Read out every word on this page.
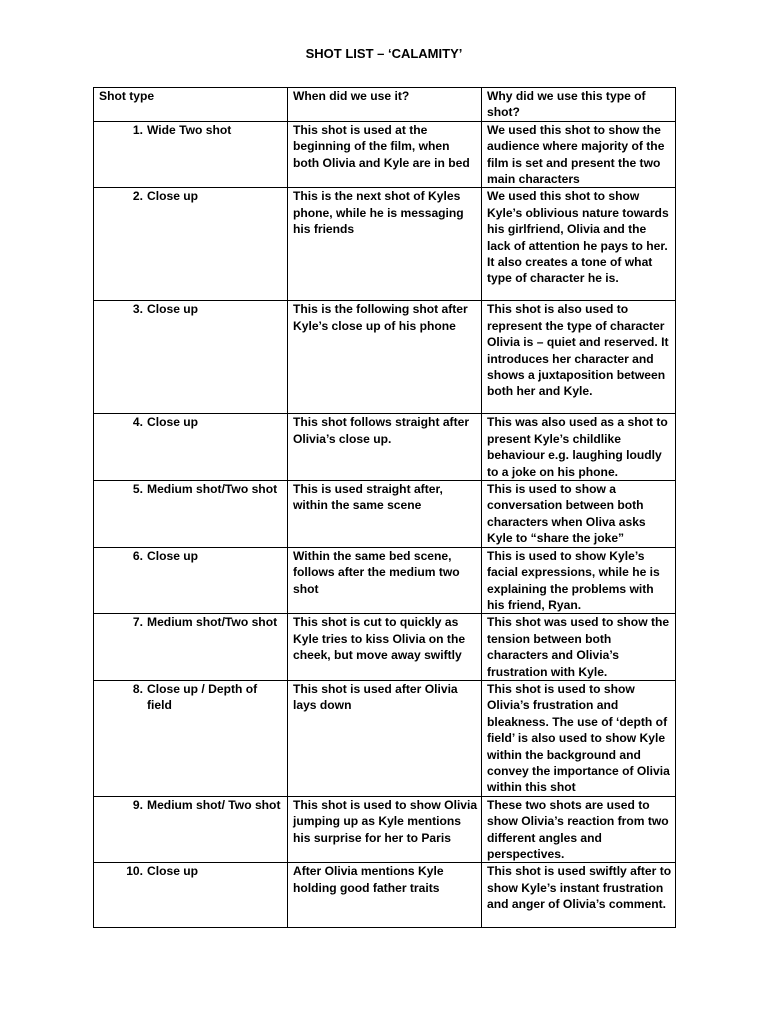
SHOT LIST – ‘CALAMITY’
Shot type	When did we use it?	Why did we use this type of shot?

1. Wide Two shot	This shot is used at the beginning of the film, when both Olivia and Kyle are in bed	We used this shot to show the audience where majority of the film is set and present the two main characters

2. Close up	This is the next shot of Kyles phone, while he is messaging his friends	We used this shot to show Kyle’s oblivious nature towards his girlfriend, Olivia and the lack of attention he pays to her. It also creates a tone of what type of character he is.

3. Close up	This is the following shot after Kyle’s close up of his phone	This shot is also used to represent the type of character Olivia is – quiet and reserved. It introduces her character and shows a juxtaposition between both her and Kyle.

4. Close up	This shot follows straight after Olivia’s close up.	This was also used as a shot to present Kyle’s childlike behaviour e.g. laughing loudly to a joke on his phone.

5. Medium shot/Two shot	This is used straight after, within the same scene	This is used to show a conversation between both characters when Oliva asks Kyle to “share the joke”

6. Close up	Within the same bed scene, follows after the medium two shot	This is used to show Kyle’s facial expressions, while he is explaining the problems with his friend, Ryan.

7. Medium shot/Two shot	This shot is cut to quickly as Kyle tries to kiss Olivia on the cheek, but move away swiftly	This shot was used to show the tension between both characters and Olivia’s frustration with Kyle.

8. Close up / Depth of field	This shot is used after Olivia lays down	This shot is used to show Olivia’s frustration and bleakness. The use of ‘depth of field’ is also used to show Kyle within the background and convey the importance of Olivia within this shot

9. Medium shot/ Two shot	This shot is used to show Olivia jumping up as Kyle mentions his surprise for her to Paris	These two shots are used to show Olivia’s reaction from two different angles and perspectives.

10. Close up	After Olivia mentions Kyle holding good father traits	This shot is used swiftly after to show Kyle’s instant frustration and anger of Olivia’s comment.
